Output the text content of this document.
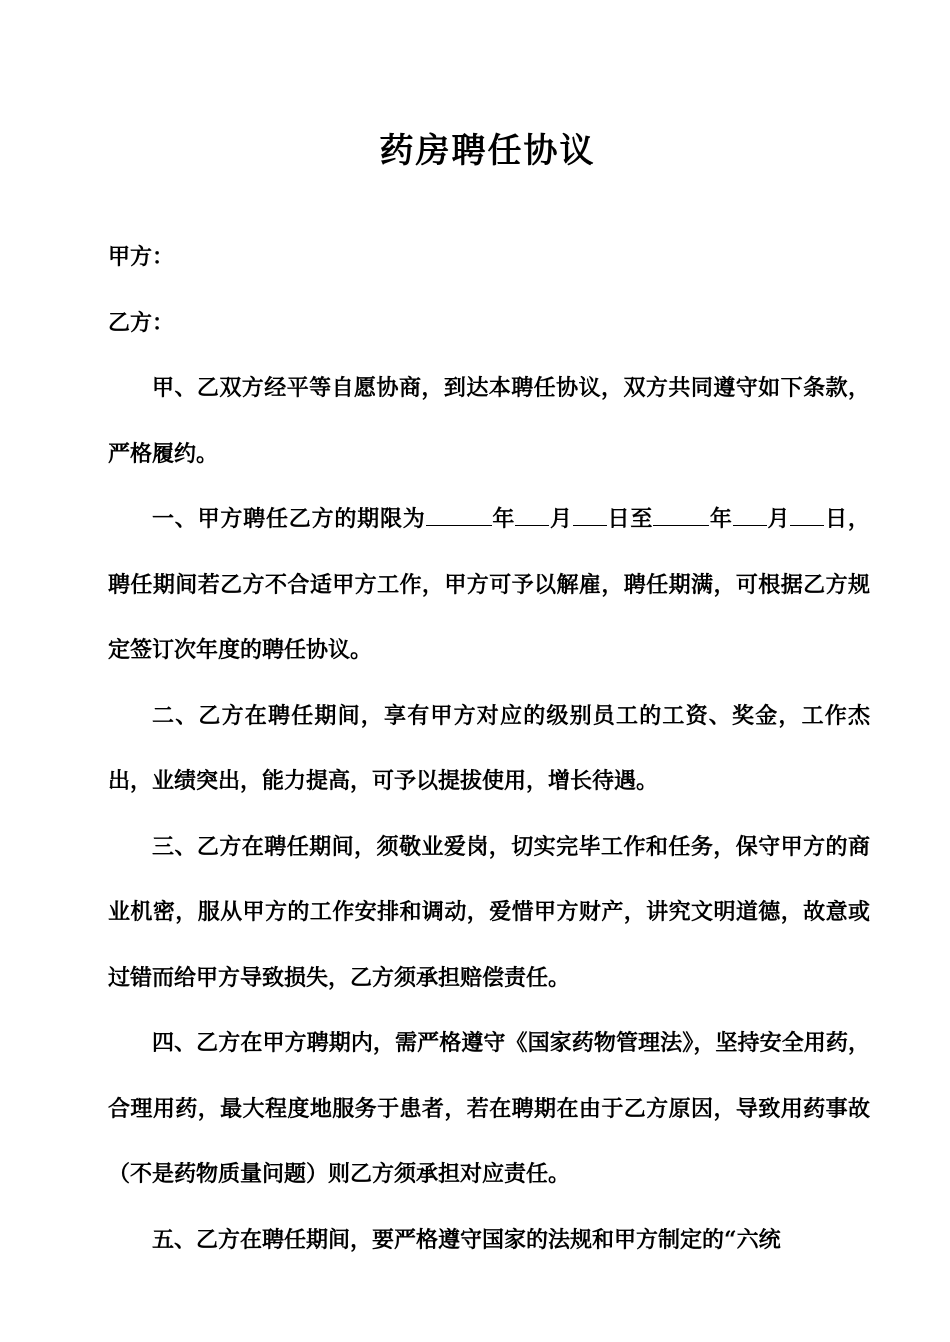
药房聘任协议

甲方：

乙方：

甲、乙双方经平等自愿协商，到达本聘任协议，双方共同遵守如下条款，严格履约。

一、甲方聘任乙方的期限为	年 月 日至	年 月 日，聘任期间若乙方不合适甲方工作，甲方可予以解雇，聘任期满，可根据乙方规定签订次年度的聘任协议。

二、乙方在聘任期间，享有甲方对应的级别员工的工资、奖金，工作杰出，业绩突出，能力提高，可予以提拔使用，增长待遇。

三、乙方在聘任期间，须敬业爱岗，切实完毕工作和任务，保守甲方的商业机密，服从甲方的工作安排和调动，爱惜甲方财产，讲究文明道德，故意或过错而给甲方导致损失，乙方须承担赔偿责任。

四、乙方在甲方聘期内，需严格遵守《国家药物管理法》，坚持安全用药，合理用药，最大程度地服务于患者，若在聘期在由于乙方原因，导致用药事故（不是药物质量问题）则乙方须承担对应责任。

五、乙方在聘任期间，要严格遵守国家的法规和甲方制定的“六统
